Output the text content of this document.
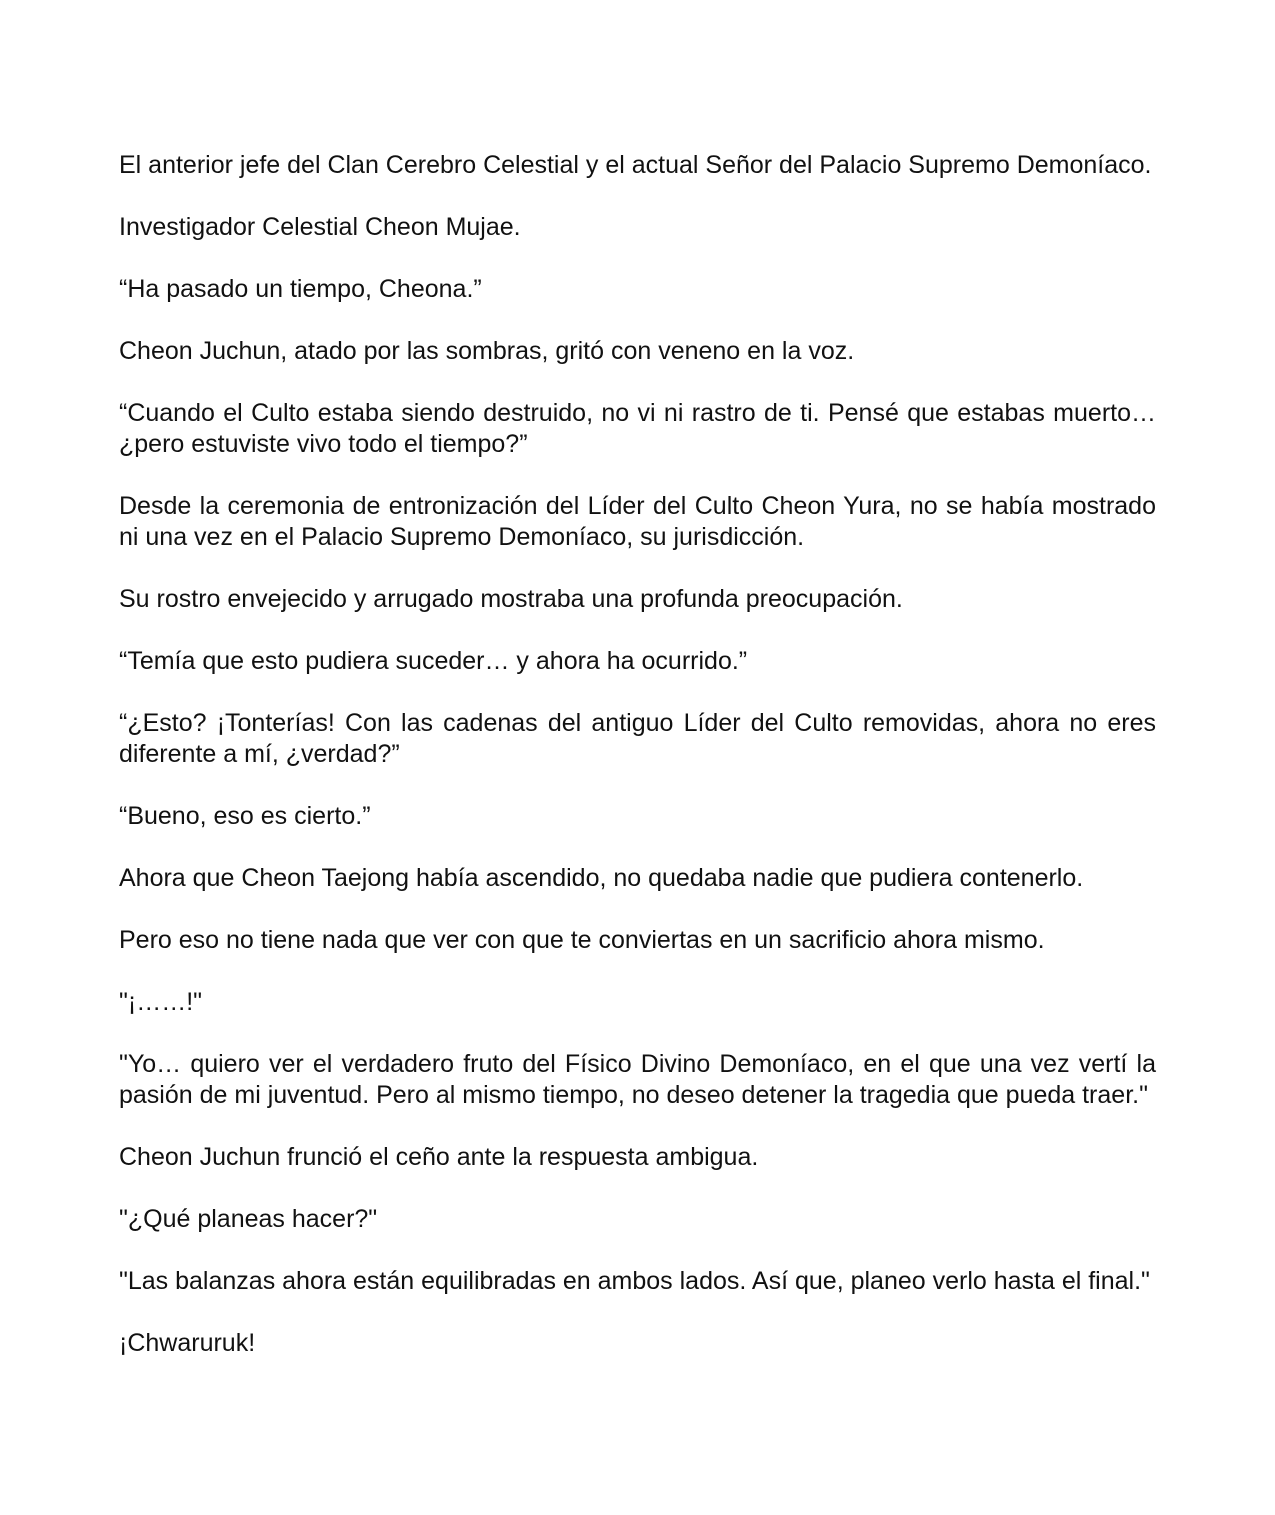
El anterior jefe del Clan Cerebro Celestial y el actual Señor del Palacio Supremo Demoníaco.

Investigador Celestial Cheon Mujae.

“Ha pasado un tiempo, Cheona.”

Cheon Juchun, atado por las sombras, gritó con veneno en la voz.

“Cuando el Culto estaba siendo destruido, no vi ni rastro de ti. Pensé que estabas muerto… ¿pero estuviste vivo todo el tiempo?”

Desde la ceremonia de entronización del Líder del Culto Cheon Yura, no se había mostrado ni una vez en el Palacio Supremo Demoníaco, su jurisdicción.

Su rostro envejecido y arrugado mostraba una profunda preocupación.

“Temía que esto pudiera suceder… y ahora ha ocurrido.”

“¿Esto? ¡Tonterías! Con las cadenas del antiguo Líder del Culto removidas, ahora no eres diferente a mí, ¿verdad?”

“Bueno, eso es cierto.”

Ahora que Cheon Taejong había ascendido, no quedaba nadie que pudiera contenerlo.

Pero eso no tiene nada que ver con que te conviertas en un sacrificio ahora mismo.

"¡……!"

"Yo… quiero ver el verdadero fruto del Físico Divino Demoníaco, en el que una vez vertí la pasión de mi juventud. Pero al mismo tiempo, no deseo detener la tragedia que pueda traer."

Cheon Juchun frunció el ceño ante la respuesta ambigua.

"¿Qué planeas hacer?"

"Las balanzas ahora están equilibradas en ambos lados. Así que, planeo verlo hasta el final."

¡Chwaruruk!
